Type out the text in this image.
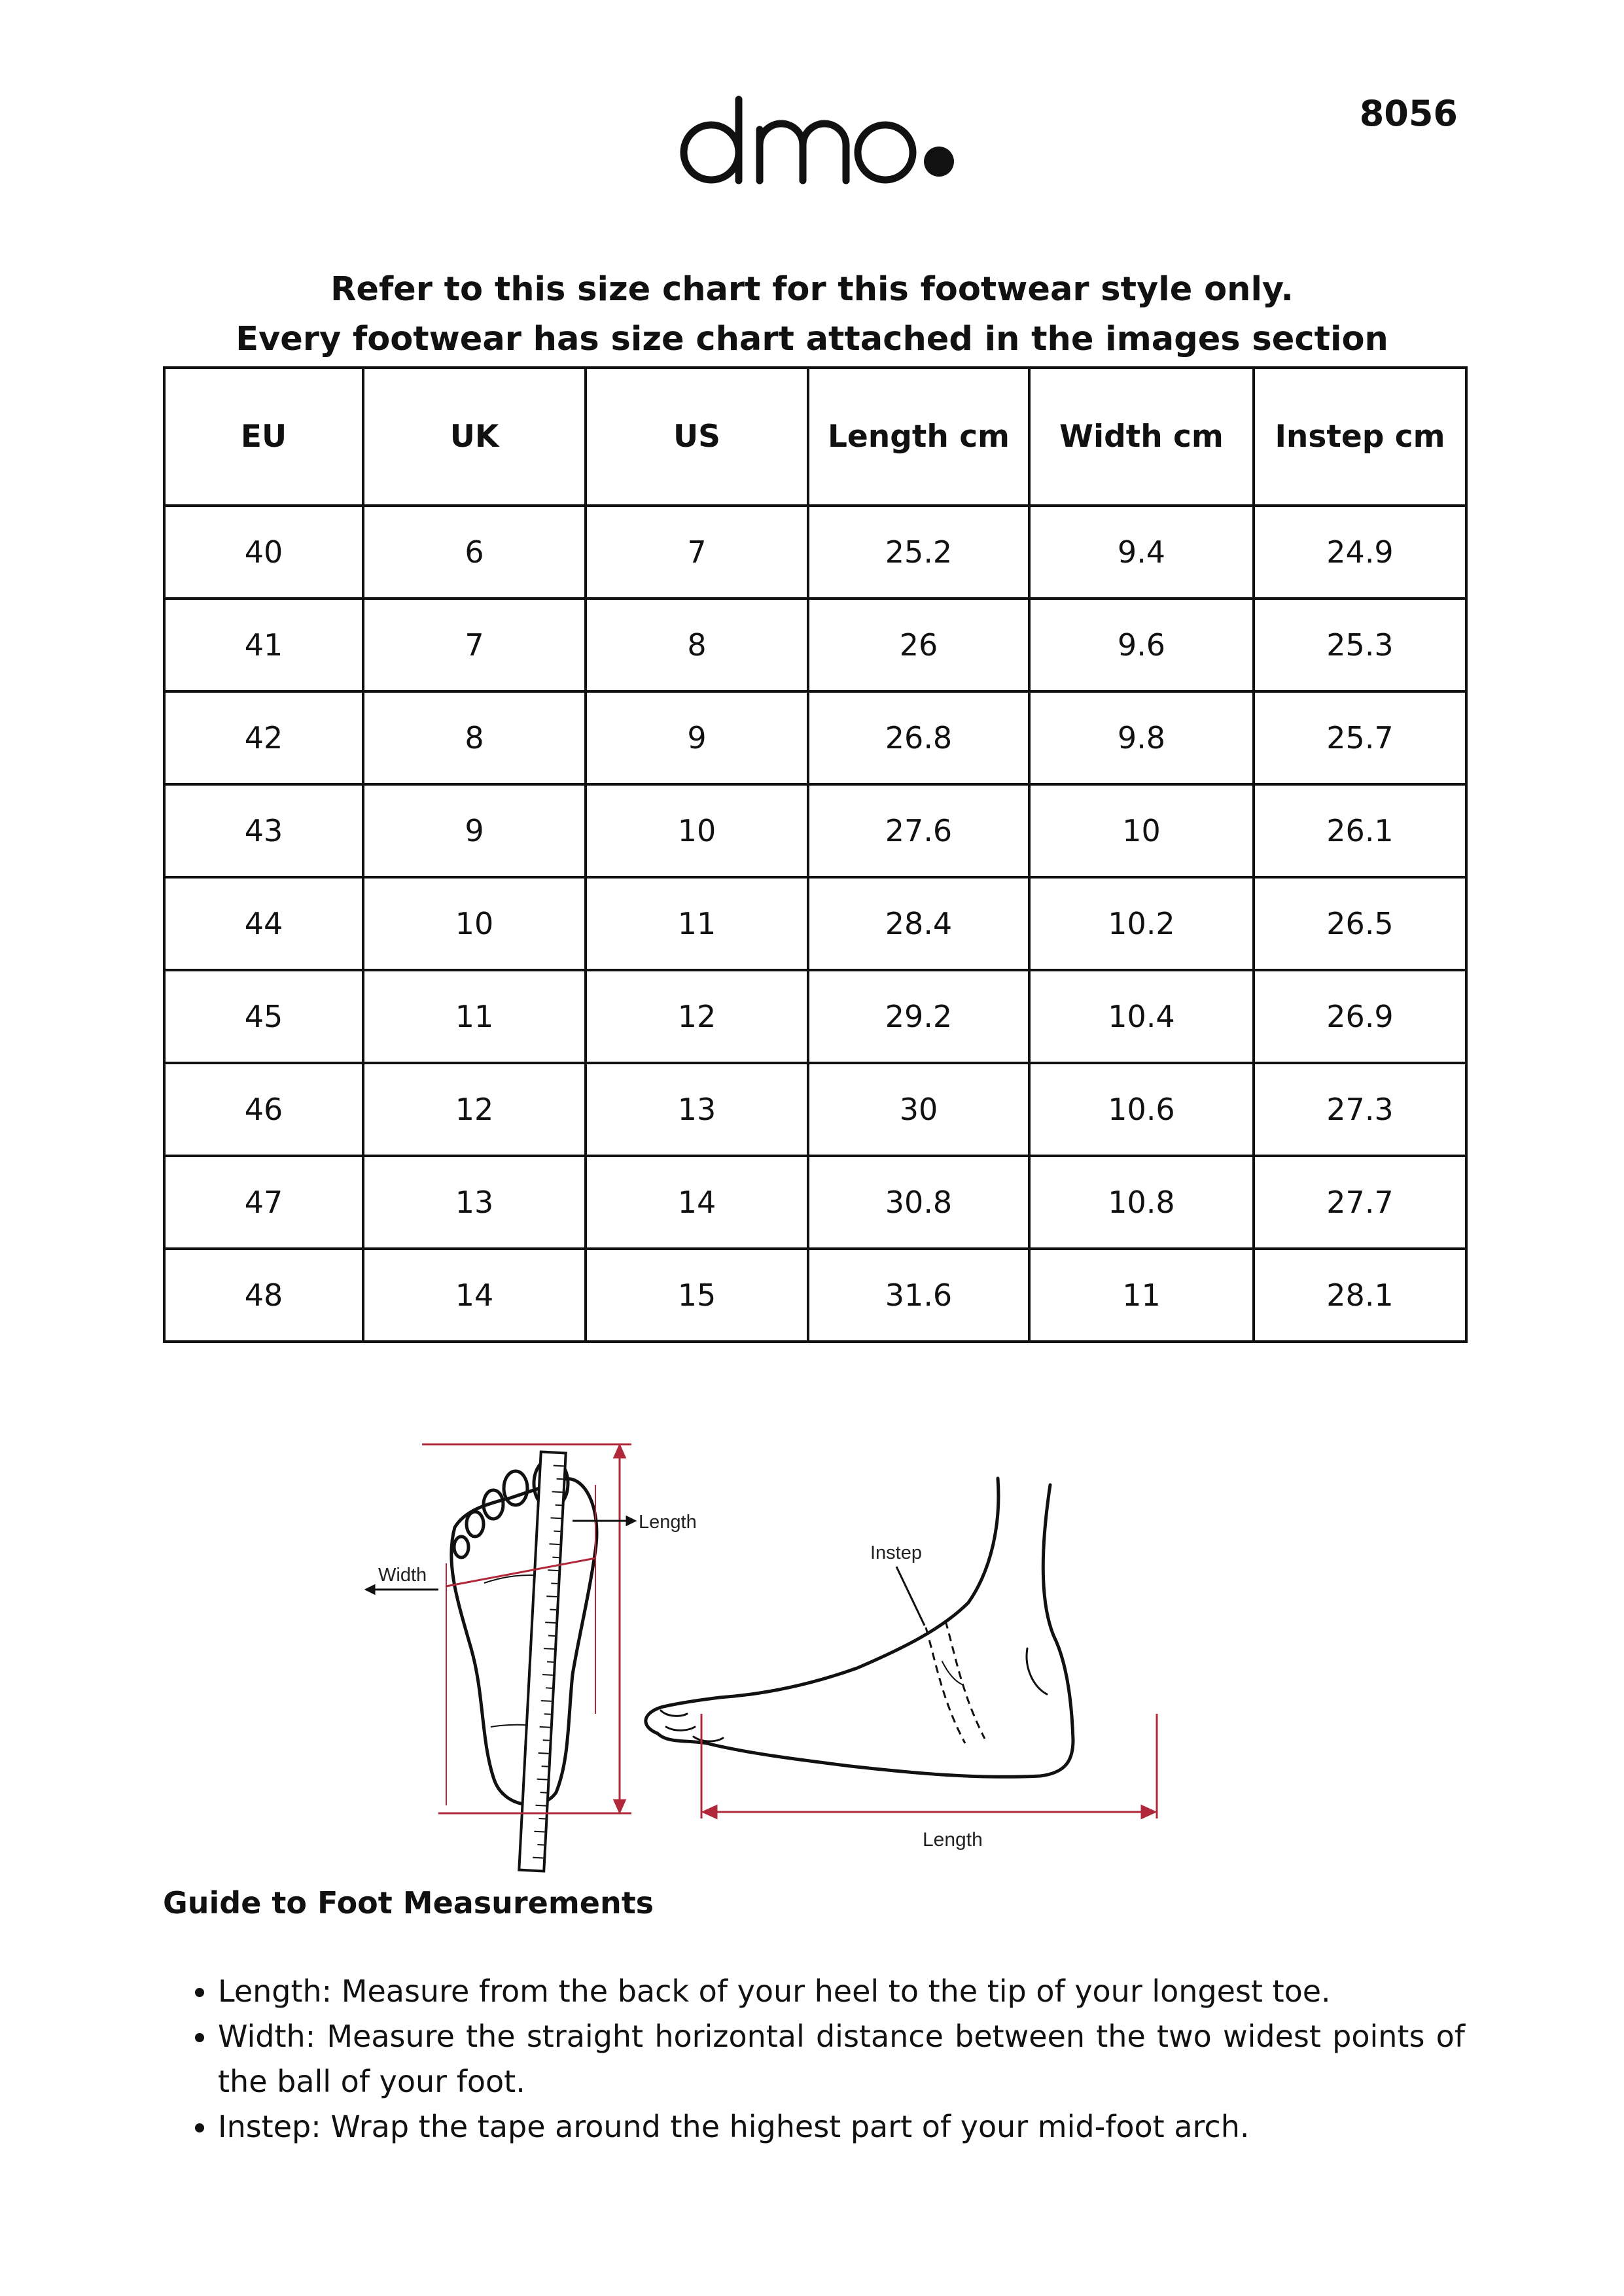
8056
Refer to this size chart for this footwear style only.
Every footwear has size chart attached in the images section
EU	UK	US	Length cm	Width cm	Instep cm
40	6	7	25.2	9.4	24.9
41	7	8	26	9.6	25.3
42	8	9	26.8	9.8	25.7
43	9	10	27.6	10	26.1
44	10	11	28.4	10.2	26.5
45	11	12	29.2	10.4	26.9
46	12	13	30	10.6	27.3
47	13	14	30.8	10.8	27.7
48	14	15	31.6	11	28.1
Length
Width
Instep
Length
Guide to Foot Measurements
• Length: Measure from the back of your heel to the tip of your longest toe.
• Width: Measure the straight horizontal distance between the two widest points of the ball of your foot.
• Instep: Wrap the tape around the highest part of your mid-foot arch.
